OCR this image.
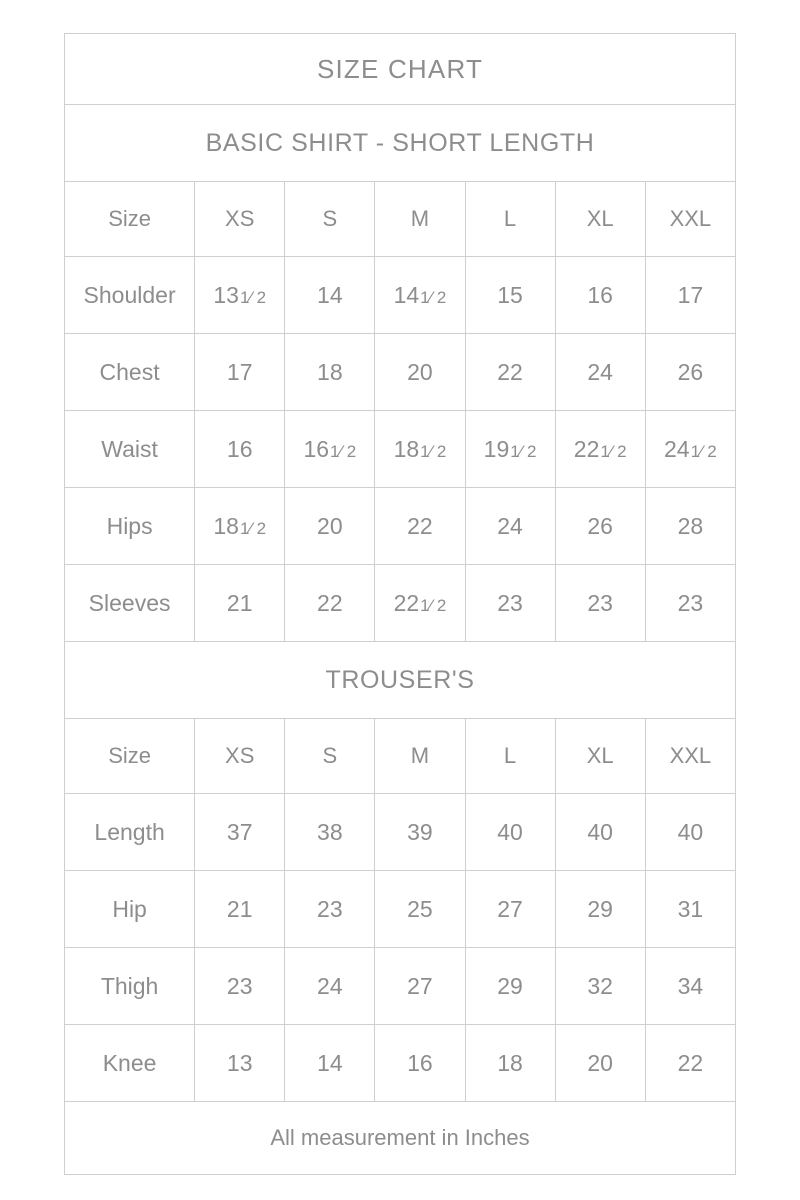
SIZE CHART						
BASIC SHIRT - SHORT LENGTH						
Size	XS	S	M	L	XL	XXL
Shoulder	131⁄ 2	14	141⁄ 2	15	16	17
Chest	17	18	20	22	24	26
Waist	16	161⁄ 2	181⁄ 2	191⁄ 2	221⁄ 2	241⁄ 2
Hips	181⁄ 2	20	22	24	26	28
Sleeves	21	22	221⁄ 2	23	23	23
TROUSER'S						
Size	XS	S	M	L	XL	XXL
Length	37	38	39	40	40	40
Hip	21	23	25	27	29	31
Thigh	23	24	27	29	32	34
Knee	13	14	16	18	20	22
All measurement in Inches						
